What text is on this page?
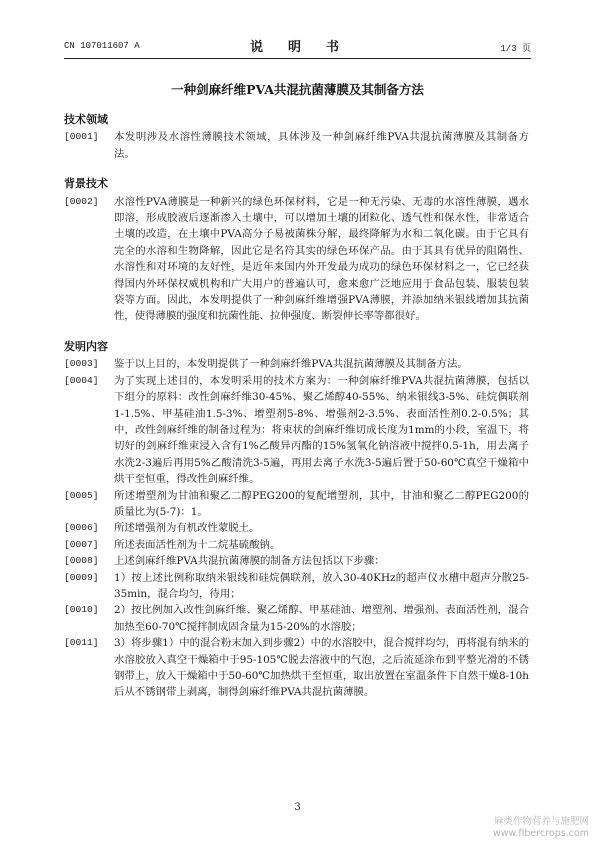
CN 107011607 A	说　明　书	1/3 页
一种剑麻纤维PVA共混抗菌薄膜及其制备方法
技术领域
[0001]	本发明涉及水溶性薄膜技术领域，具体涉及一种剑麻纤维PVA共混抗菌薄膜及其制备方法。
背景技术
[0002]	水溶性PVA薄膜是一种新兴的绿色环保材料，它是一种无污染、无毒的水溶性薄膜，遇水即溶，形成胶液后逐渐渗入土壤中，可以增加土壤的团粒化、透气性和保水性，非常适合土壤的改造，在土壤中PVA高分子易被菌株分解，最终降解为水和二氧化碳。由于它具有完全的水溶和生物降解，因此它是名符其实的绿色环保产品。由于其具有优异的阻隔性、水溶性和对环境的友好性，是近年来国内外开发最为成功的绿色环保材料之一，它已经获得国内外环保权威机构和广大用户的普遍认可，愈来愈广泛地应用于食品包装、服装包装袋等方面。因此，本发明提供了一种剑麻纤维增强PVA薄膜，并添加纳米银线增加其抗菌性，使得薄膜的强度和抗菌性能、拉伸强度、断裂伸长率等都很好。
发明内容
[0003]	鉴于以上目的，本发明提供了一种剑麻纤维PVA共混抗菌薄膜及其制备方法。
[0004]	为了实现上述目的，本发明采用的技术方案为：一种剑麻纤维PVA共混抗菌薄膜，包括以下组分的原料：改性剑麻纤维30-45%、聚乙烯醇40-55%、纳米银线3-5%、硅烷偶联剂1-1.5%、甲基硅油1.5-3%、增塑剂5-8%、增强剂2-3.5%、表面活性剂0.2-0.5%；其中，改性剑麻纤维的制备过程为：将束状的剑麻纤维切成长度为1mm的小段，室温下，将切好的剑麻纤维束浸入含有1%乙酸异丙酯的15%氢氧化钠溶液中搅拌0.5-1h，用去离子水洗2-3遍后再用5%乙酸清洗3-5遍，再用去离子水洗3-5遍后置于50-60℃真空干燥箱中烘干至恒重，得改性剑麻纤维。
[0005]	所述增塑剂为甘油和聚乙二醇PEG200的复配增塑剂，其中，甘油和聚乙二醇PEG200的质量比为(5-7)：1。
[0006]	所述增强剂为有机改性蒙脱土。
[0007]	所述表面活性剂为十二烷基硫酸钠。
[0008]	上述剑麻纤维PVA共混抗菌薄膜的制备方法包括以下步骤：
[0009]	1）按上述比例称取纳米银线和硅烷偶联剂，放入30-40KHz的超声仪水槽中超声分散25-35min，混合均匀，待用；
[0010]	2）按比例加入改性剑麻纤维、聚乙烯醇、甲基硅油、增塑剂、增强剂、表面活性剂，混合加热至60-70℃搅拌制成固含量为15-20%的水溶胶；
[0011]	3）将步骤1）中的混合粉末加入到步骤2）中的水溶胶中，混合搅拌均匀，再将混有纳米的水溶胶放入真空干燥箱中于95-105℃脱去溶液中的气泡，之后流延涂布到平整光滑的不锈钢带上，放入干燥箱中于50-60℃加热烘干至恒重，取出放置在室温条件下自然干燥8-10h后从不锈钢带上剥离，制得剑麻纤维PVA共混抗菌薄膜。
3
麻类作物营养与施肥网
www.fibercrops.com
